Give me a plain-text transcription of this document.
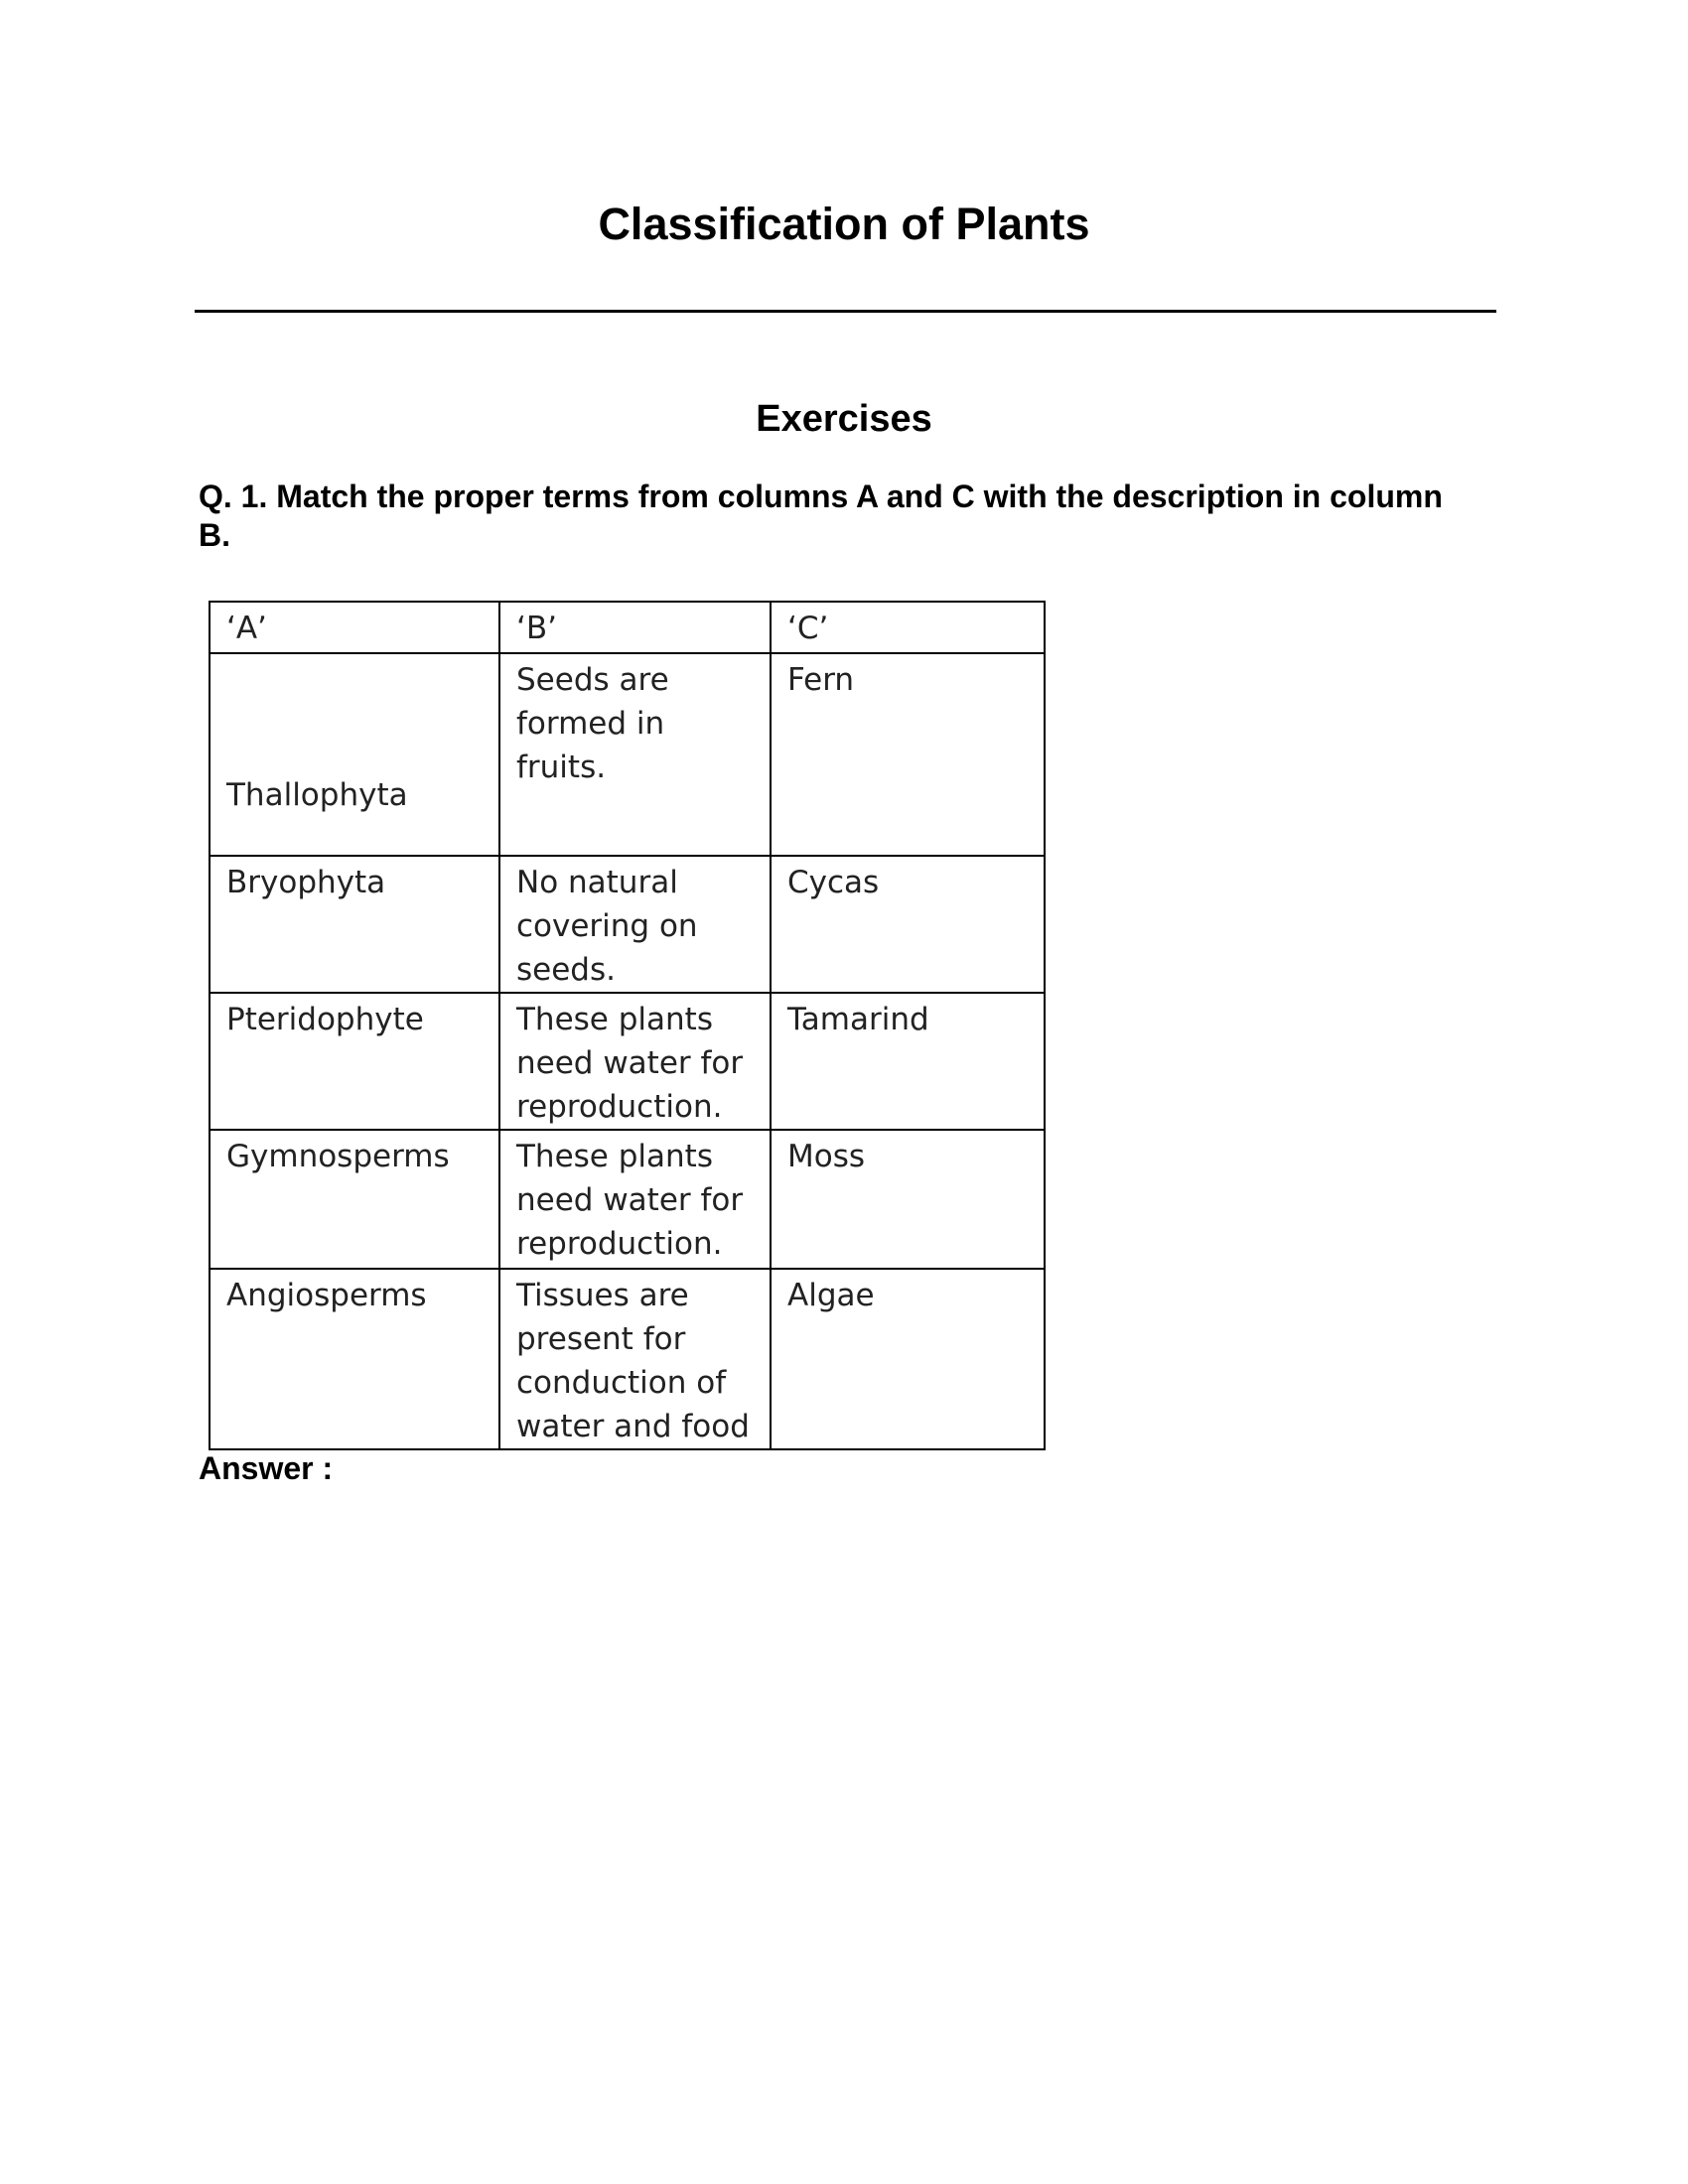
Classification of Plants
Exercises

Q. 1. Match the proper terms from columns A and C with the description in column B.

‘A’	‘B’	‘C’
Thallophyta	Seeds are formed in fruits.	Fern
Bryophyta	No natural covering on seeds.	Cycas
Pteridophyte	These plants need water for reproduction.	Tamarind
Gymnosperms	These plants need water for reproduction.	Moss
Angiosperms	Tissues are present for conduction of water and food	Algae

Answer :
